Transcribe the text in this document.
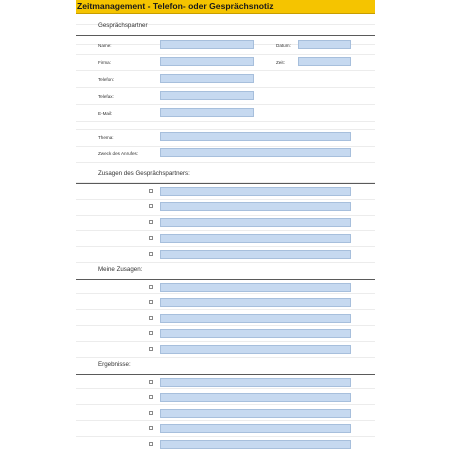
Zeitmanagement - Telefon- oder Gesprächsnotiz
Gesprächspartner
Name:	Datum:
Firma:	Zeit:
Telefon:
Telefax:
E-Mail:
Thema:
Zweck des Anrufes:
Zusagen des Gesprächspartners:
Meine Zusagen:
Ergebnisse:
